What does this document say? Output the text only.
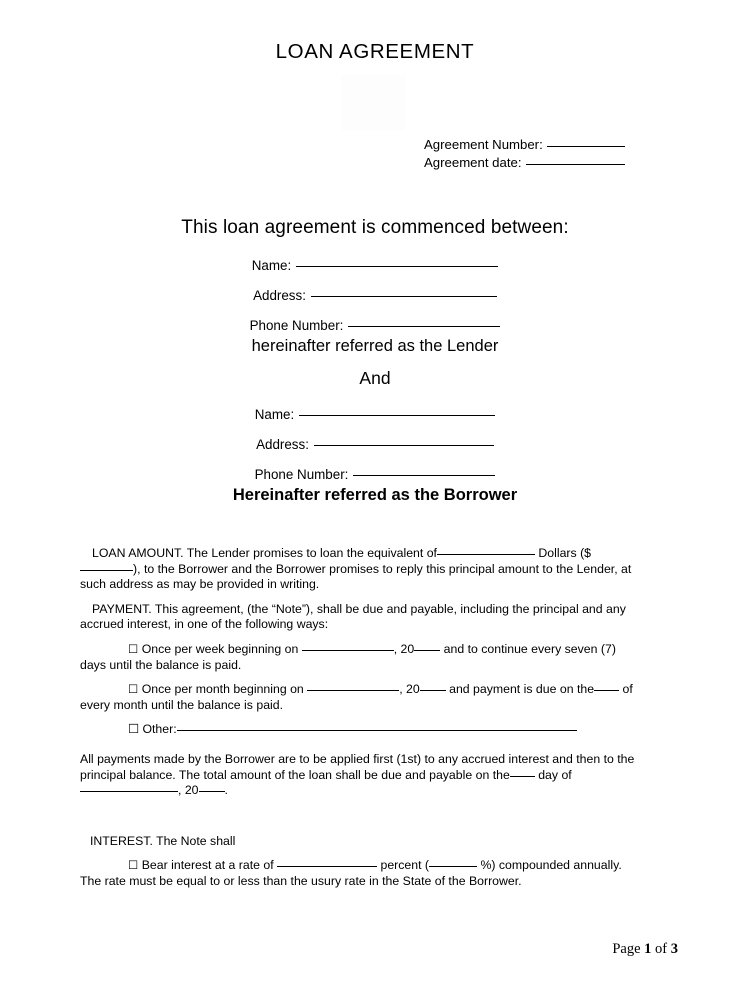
LOAN AGREEMENT
Agreement Number:
Agreement date:
This loan agreement is commenced between:
Name:
Address:
Phone Number:
hereinafter referred as the Lender
And
Name:
Address:
Phone Number:
Hereinafter referred as the Borrower

LOAN AMOUNT. The Lender promises to loan the equivalent of	Dollars ($), to the Borrower and the Borrower promises to reply this principal amount to the Lender, at such address as may be provided in writing.

PAYMENT. This agreement, (the “Note”), shall be due and payable, including the principal and any accrued interest, in one of the following ways:

☐ Once per week beginning on	, 20 and to continue every seven (7) days until the balance is paid.

☐ Once per month beginning on	, 20 and payment is due on the of every month until the balance is paid.

☐ Other:

All payments made by the Borrower are to be applied first (1st) to any accrued interest and then to the principal balance. The total amount of the loan shall be due and payable on the day of
, 20 .

INTEREST. The Note shall

☐ Bear interest at a rate of	percent (	%) compounded annually. The rate must be equal to or less than the usury rate in the State of the Borrower.

Page 1 of 3
